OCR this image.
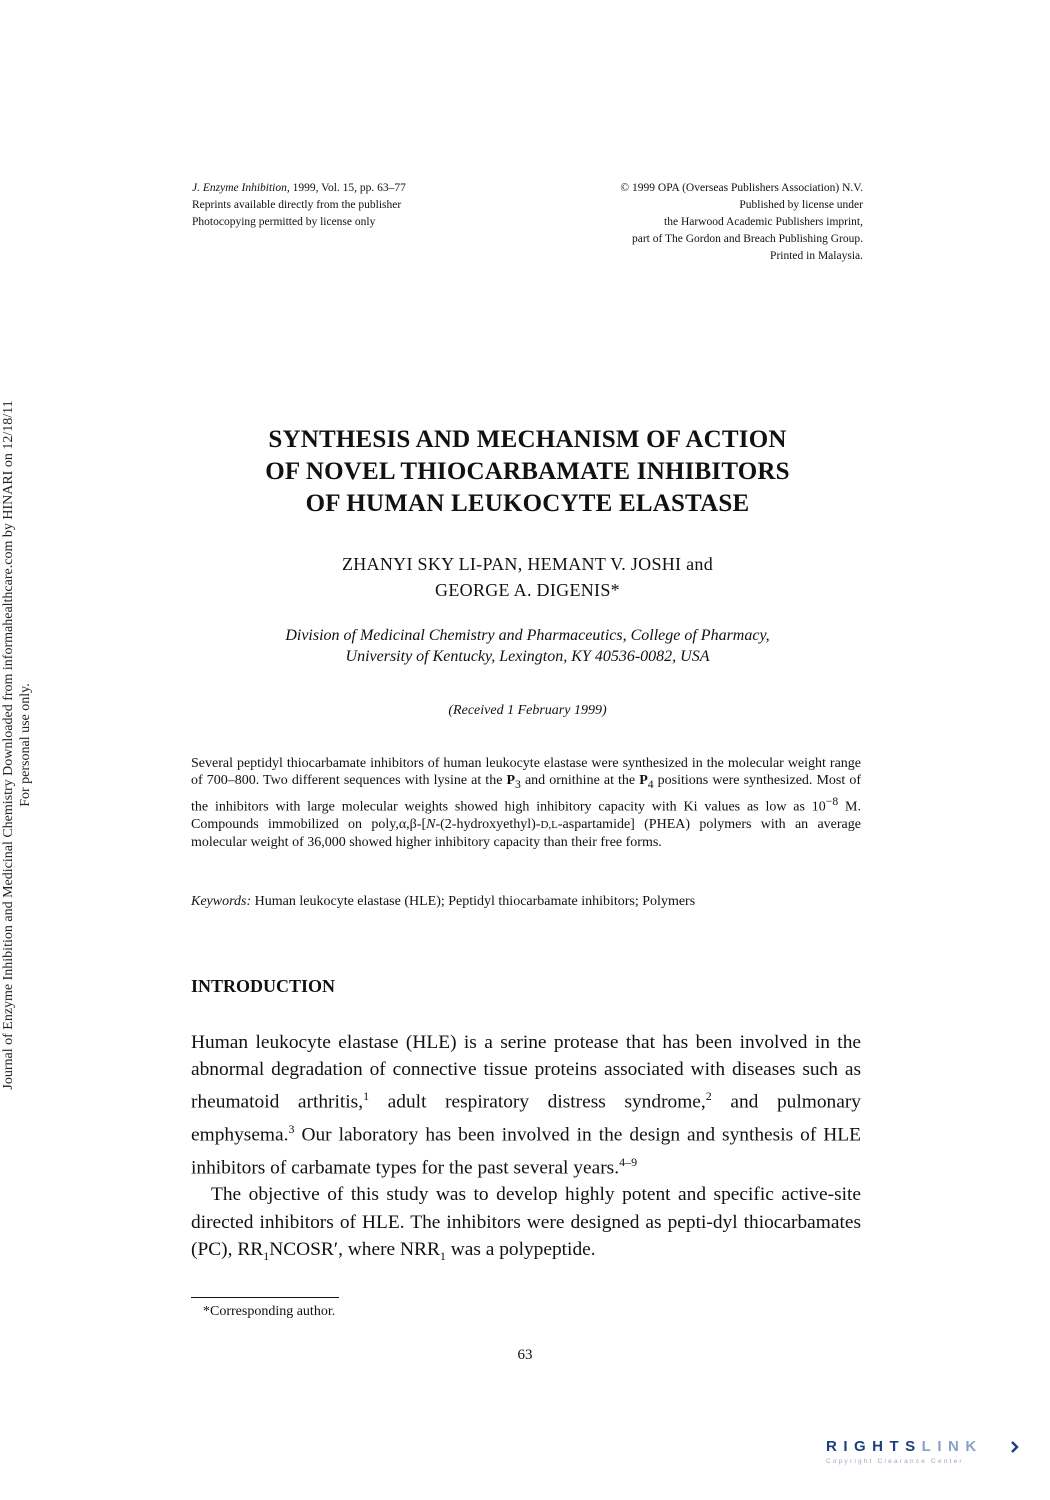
J. Enzyme Inhibition, 1999, Vol. 15, pp. 63–77
Reprints available directly from the publisher
Photocopying permitted by license only
© 1999 OPA (Overseas Publishers Association) N.V.
Published by license under
the Harwood Academic Publishers imprint,
part of The Gordon and Breach Publishing Group.
Printed in Malaysia.
Journal of Enzyme Inhibition and Medicinal Chemistry Downloaded from informahealthcare.com by HINARI on 12/18/11 For personal use only.
SYNTHESIS AND MECHANISM OF ACTION
OF NOVEL THIOCARBAMATE INHIBITORS
OF HUMAN LEUKOCYTE ELASTASE
ZHANYI SKY LI-PAN, HEMANT V. JOSHI and
GEORGE A. DIGENIS*
Division of Medicinal Chemistry and Pharmaceutics, College of Pharmacy,
University of Kentucky, Lexington, KY 40536-0082, USA
(Received 1 February 1999)
Several peptidyl thiocarbamate inhibitors of human leukocyte elastase were synthesized in the molecular weight range of 700–800. Two different sequences with lysine at the $P_3$ and ornithine at the $P_4$ positions were synthesized. Most of the inhibitors with large molecular weights showed high inhibitory capacity with Ki values as low as $10^{-8}$ M. Compounds immobilized on poly,α,β-[N-(2-hydroxyethyl)-D,L-aspartamide] (PHEA) polymers with an average molecular weight of 36,000 showed higher inhibitory capacity than their free forms.
Keywords: Human leukocyte elastase (HLE); Peptidyl thiocarbamate inhibitors; Polymers
INTRODUCTION

Human leukocyte elastase (HLE) is a serine protease that has been involved in the abnormal degradation of connective tissue proteins associated with diseases such as rheumatoid arthritis,$^1$ adult respiratory distress syndrome,$^2$ and pulmonary emphysema.$^3$ Our laboratory has been involved in the design and synthesis of HLE inhibitors of carbamate types for the past several years.$^{4-9}$

The objective of this study was to develop highly potent and specific active-site directed inhibitors of HLE. The inhibitors were designed as pepti-dyl thiocarbamates (PC), $RR_1NCOSR'$, where $NRR_1$ was a polypeptide.

*Corresponding author.
63
RIGHTSLINK
Copyright Clearance Center
